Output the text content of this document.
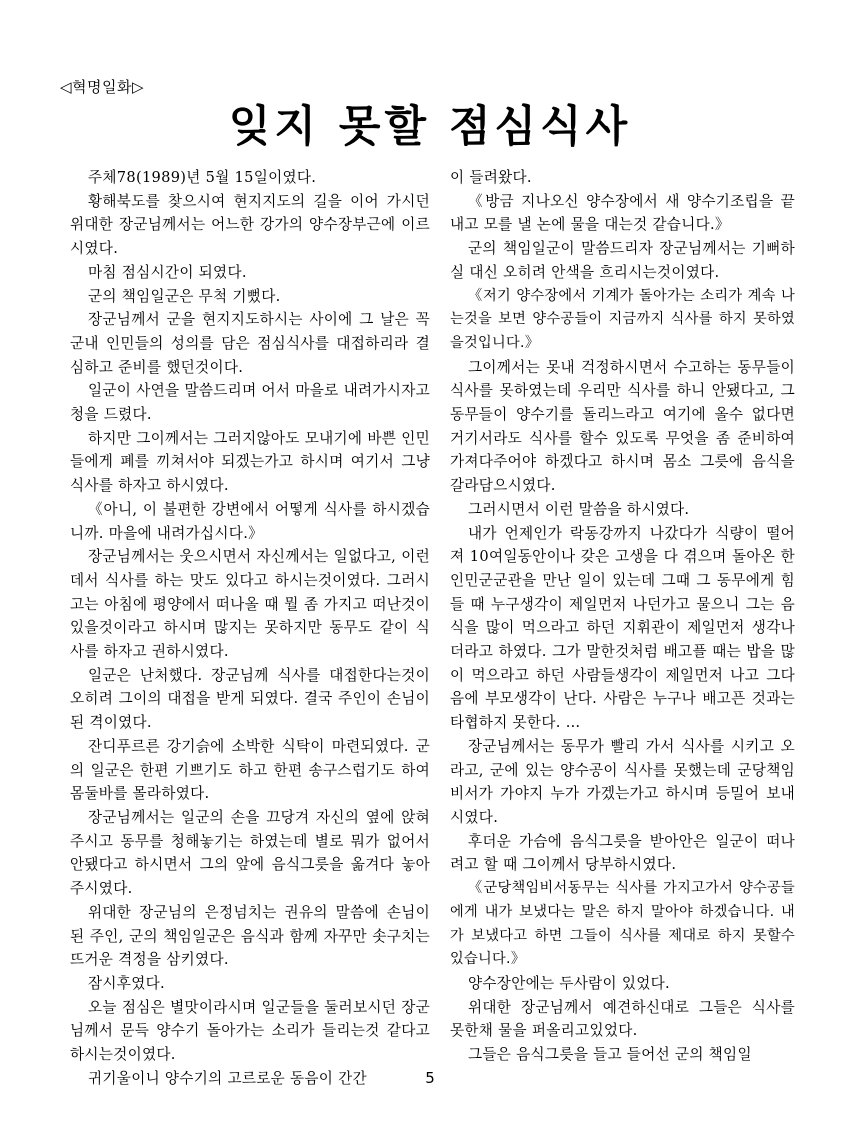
◁혁명일화▷
잊지 못할 점심식사

주체78(1989)년 5월 15일이였다.

황해북도를 찾으시여 현지지도의 길을 이어 가시던 위대한 장군님께서는 어느한 강가의 양수장부근에 이르시였다.

마침 점심시간이 되였다.

군의 책임일군은 무척 기뻤다.

장군님께서 군을 현지지도하시는 사이에 그 날은 꼭 군내 인민들의 성의를 담은 점심식사를 대접하리라 결심하고 준비를 했던것이다.

일군이 사연을 말씀드리며 어서 마을로 내려가시자고 청을 드렸다.

하지만 그이께서는 그러지않아도 모내기에 바쁜 인민들에게 폐를 끼쳐서야 되겠는가고 하시며 여기서 그냥 식사를 하자고 하시였다.

《아니, 이 불편한 강변에서 어떻게 식사를 하시겠습니까. 마을에 내려가십시다.》

장군님께서는 웃으시면서 자신께서는 일없다고, 이런데서 식사를 하는 맛도 있다고 하시는것이였다. 그러시고는 아침에 평양에서 떠나올 때 뭘 좀 가지고 떠난것이 있을것이라고 하시며 많지는 못하지만 동무도 같이 식사를 하자고 권하시였다.

일군은 난처했다. 장군님께 식사를 대접한다는것이 오히려 그이의 대접을 받게 되였다. 결국 주인이 손님이 된 격이였다.

잔디푸르른 강기슭에 소박한 식탁이 마련되였다. 군의 일군은 한편 기쁘기도 하고 한편 송구스럽기도 하여 몸둘바를 몰라하였다.

장군님께서는 일군의 손을 끄당겨 자신의 옆에 앉혀주시고 동무를 청해놓기는 하였는데 별로 뭐가 없어서 안됐다고 하시면서 그의 앞에 음식그릇을 옮겨다 놓아주시였다.

위대한 장군님의 은정넘치는 권유의 말씀에 손님이 된 주인, 군의 책임일군은 음식과 함께 자꾸만 솟구치는 뜨거운 격정을 삼키였다.

잠시후였다.

오늘 점심은 별맛이라시며 일군들을 둘러보시던 장군님께서 문득 양수기 돌아가는 소리가 들리는것 같다고 하시는것이였다.

귀기울이니 양수기의 고르로운 동음이 간간

이 들려왔다.

《방금 지나오신 양수장에서 새 양수기조립을 끝내고 모를 낼 논에 물을 대는것 같습니다.》

군의 책임일군이 말씀드리자 장군님께서는 기뻐하실 대신 오히려 안색을 흐리시는것이였다.

《저기 양수장에서 기계가 돌아가는 소리가 계속 나는것을 보면 양수공들이 지금까지 식사를 하지 못하였을것입니다.》

그이께서는 못내 걱정하시면서 수고하는 동무들이 식사를 못하였는데 우리만 식사를 하니 안됐다고, 그 동무들이 양수기를 돌리느라고 여기에 올수 없다면 거기서라도 식사를 할수 있도록 무엇을 좀 준비하여 가져다주어야 하겠다고 하시며 몸소 그릇에 음식을 갈라담으시였다.

그러시면서 이런 말씀을 하시였다.

내가 언제인가 락동강까지 나갔다가 식량이 떨어져 10여일동안이나 갖은 고생을 다 겪으며 돌아온 한 인민군군관을 만난 일이 있는데 그때 그 동무에게 힘들 때 누구생각이 제일먼저 나던가고 물으니 그는 음식을 많이 먹으라고 하던 지휘관이 제일먼저 생각나더라고 하였다. 그가 말한것처럼 배고플 때는 밥을 많이 먹으라고 하던 사람들생각이 제일먼저 나고 그다음에 부모생각이 난다. 사람은 누구나 배고픈 것과는 타협하지 못한다. …

장군님께서는 동무가 빨리 가서 식사를 시키고 오라고, 군에 있는 양수공이 식사를 못했는데 군당책임비서가 가야지 누가 가겠는가고 하시며 등밀어 보내시였다.

후더운 가슴에 음식그릇을 받아안은 일군이 떠나려고 할 때 그이께서 당부하시였다.

《군당책임비서동무는 식사를 가지고가서 양수공들에게 내가 보냈다는 말은 하지 말아야 하겠습니다. 내가 보냈다고 하면 그들이 식사를 제대로 하지 못할수 있습니다.》

양수장안에는 두사람이 있었다.

위대한 장군님께서 예견하신대로 그들은 식사를 못한채 물을 퍼올리고있었다.

그들은 음식그릇을 들고 들어선 군의 책임일

5
